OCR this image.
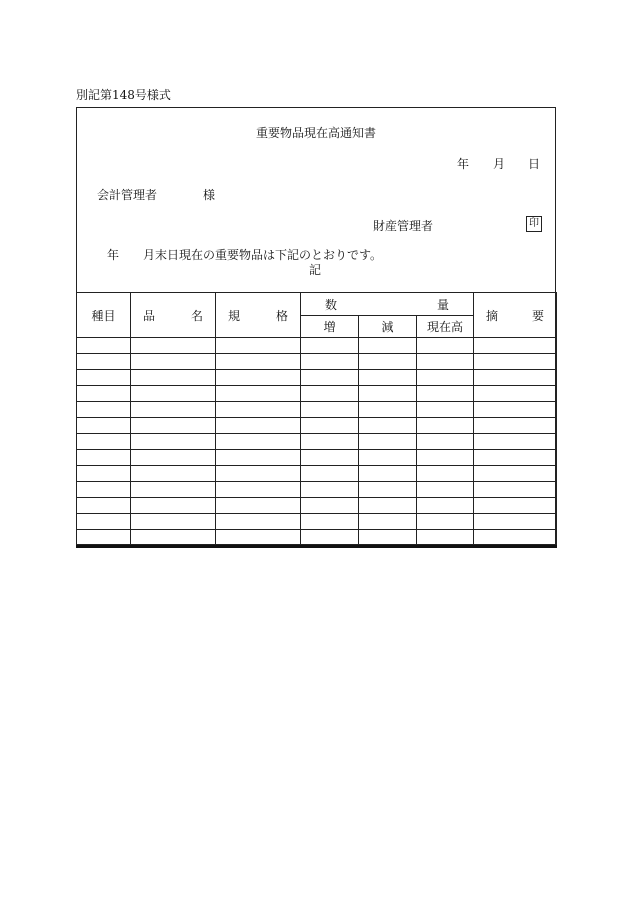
別記第148号様式
重要物品現在高通知書
年 月 日
会計管理者	様
財産管理者	印
年 月末日現在の重要物品は下記のとおりです。
記
種目	品 名	規 格	数 量			摘 要

			増	減	現在高	
